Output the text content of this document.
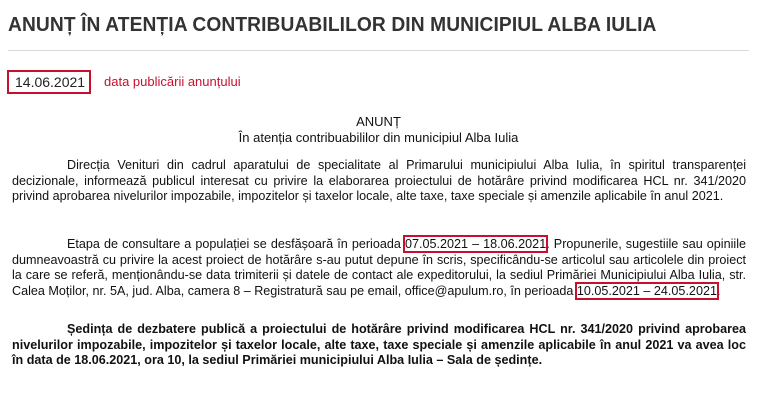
ANUNȚ ÎN ATENȚIA CONTRIBUABILILOR DIN MUNICIPIUL ALBA IULIA
14.06.2021	data publicării anunțului
ANUNȚ
În atenția contribuabililor din municipiul Alba Iulia

Direcția Venituri din cadrul aparatului de specialitate al Primarului municipiului Alba Iulia, în spiritul transparenței decizionale, informează publicul interesat cu privire la elaborarea proiectului de hotărâre privind modificarea HCL nr. 341/2020 privind aprobarea nivelurilor impozabile, impozitelor și taxelor locale, alte taxe, taxe speciale și amenzile aplicabile în anul 2021.

Etapa de consultare a populației se desfășoară în perioada 07.05.2021 – 18.06.2021. Propunerile, sugestiile sau opiniile dumneavoastră cu privire la acest proiect de hotărâre s-au putut depune în scris, specificându-se articolul sau articolele din proiect la care se referă, menționându-se data trimiterii și datele de contact ale expeditorului, la sediul Primăriei Municipiului Alba Iulia, str. Calea Moților, nr. 5A, jud. Alba, camera 8 – Registratură sau pe email, office@apulum.ro, în perioada 10.05.2021 – 24.05.2021.

Ședința de dezbatere publică a proiectului de hotărâre privind modificarea HCL nr. 341/2020 privind aprobarea nivelurilor impozabile, impozitelor și taxelor locale, alte taxe, taxe speciale și amenzile aplicabile în anul 2021 va avea loc în data de 18.06.2021, ora 10, la sediul Primăriei municipiului Alba Iulia – Sala de ședințe.
